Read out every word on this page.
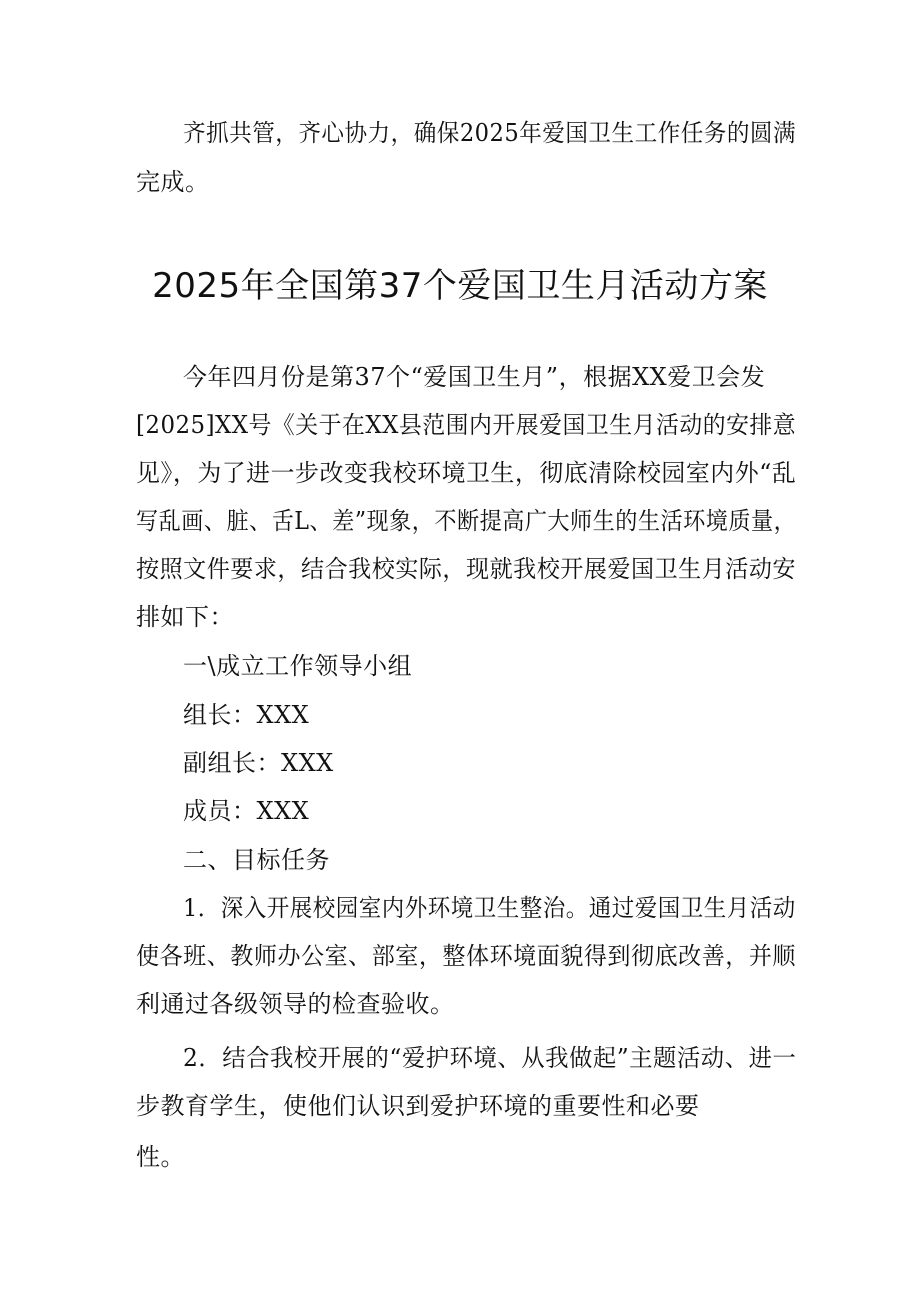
齐抓共管，齐心协力，确保2025年爱国卫生工作任务的圆满
完成。
2025年全国第37个爱国卫生月活动方案
今年四月份是第37个“爱国卫生月”，根据XX爱卫会发
[2025]XX号《关于在XX县范围内开展爱国卫生月活动的安排意
见》，为了进一步改变我校环境卫生，彻底清除校园室内外“乱
写乱画、脏、舌L、差”现象，不断提高广大师生的生活环境质量，
按照文件要求，结合我校实际，现就我校开展爱国卫生月活动安
排如下：
一\成立工作领导小组
组长：XXX
副组长：XXX
成员：XXX
二、目标任务
1．深入开展校园室内外环境卫生整治。通过爱国卫生月活动
使各班、教师办公室、部室，整体环境面貌得到彻底改善，并顺
利通过各级领导的检查验收。
2．结合我校开展的“爱护环境、从我做起”主题活动、进一
步教育学生，使他们认识到爱护环境的重要性和必要
性。
